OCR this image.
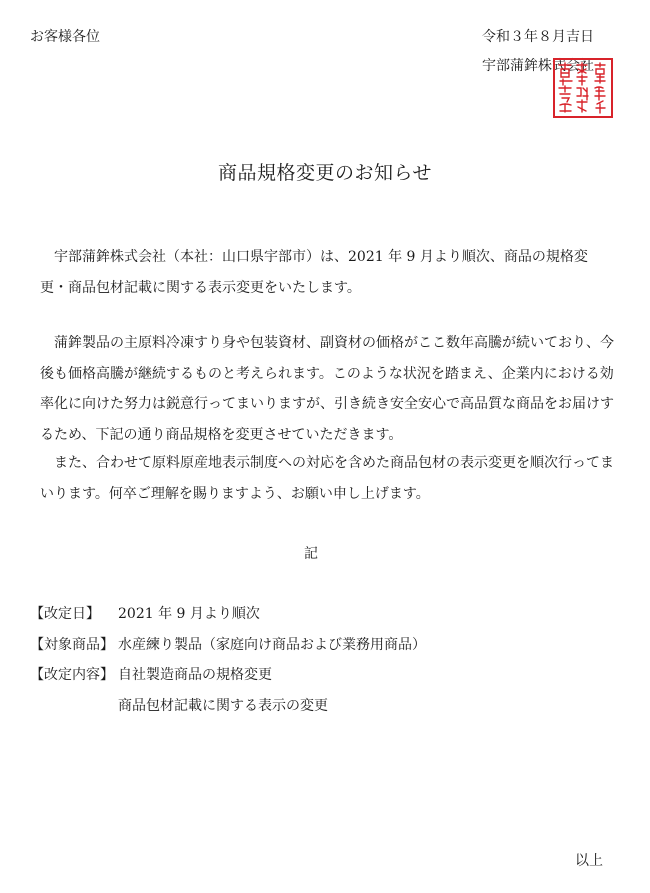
お客様各位	令和３年８月吉日
宇部蒲鉾株式会社
商品規格変更のお知らせ

宇部蒲鉾株式会社（本社：山口県宇部市）は、2021 年 9 月より順次、商品の規格変更・商品包材記載に関する表示変更をいたします。

蒲鉾製品の主原料冷凍すり身や包装資材、副資材の価格がここ数年高騰が続いており、今後も価格高騰が継続するものと考えられます。このような状況を踏まえ、企業内における効率化に向けた努力は鋭意行ってまいりますが、引き続き安全安心で高品質な商品をお届けするため、下記の通り商品規格を変更させていただきます。

また、合わせて原料原産地表示制度への対応を含めた商品包材の表示変更を順次行ってまいります。何卒ご理解を賜りますよう、お願い申し上げます。

記
【改定日】 2021 年 9 月より順次
【対象商品】 水産練り製品（家庭向け商品および業務用商品）
【改定内容】 自社製造商品の規格変更
商品包材記載に関する表示の変更
以上
